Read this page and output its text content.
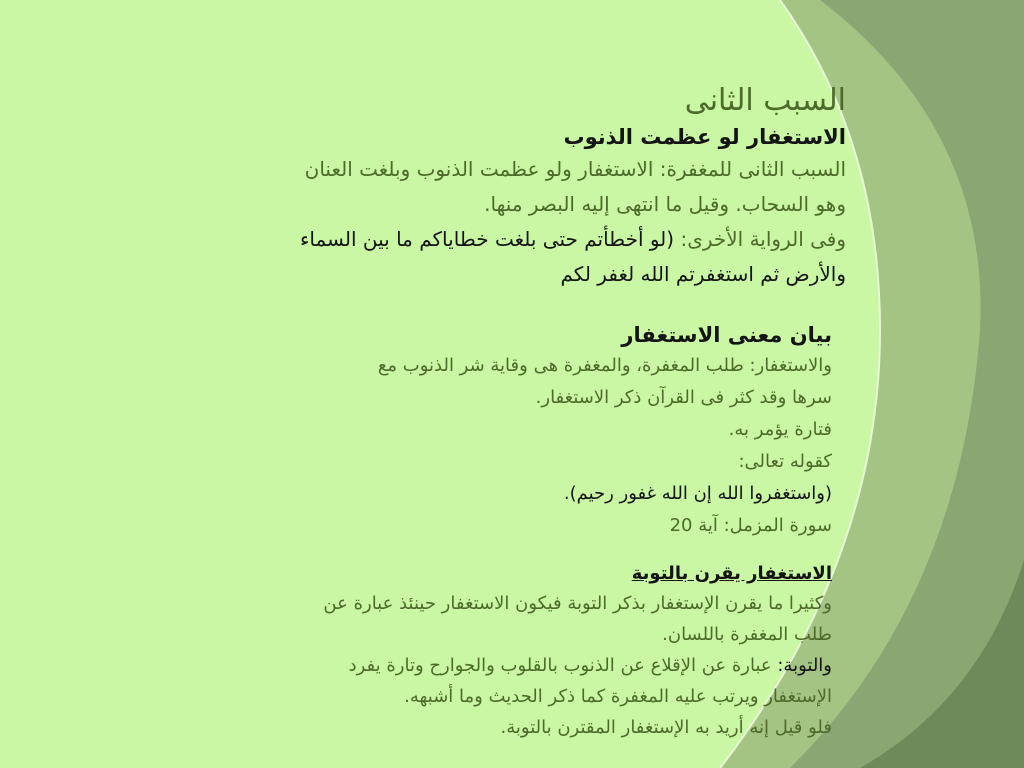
السبب الثانى
الاستغفار لو عظمت الذنوب
السبب الثانى للمغفرة: الاستغفار ولو عظمت الذنوب وبلغت العنان
وهو السحاب. وقيل ما انتهى إليه البصر منها.
وفى الرواية الأخرى: (لو أخطأتم حتى بلغت خطاياكم ما بين السماء
والأرض ثم استغفرتم الله لغفر لكم
بيان معنى الاستغفار
والاستغفار: طلب المغفرة، والمغفرة هى وقاية شر الذنوب مع
سرها وقد كثر فى القرآن ذكر الاستغفار.
فتارة يؤمر به.
كقوله تعالى:
(واستغفروا الله إن الله غفور رحيم).
سورة المزمل: آية 20
الاستغفار يقرن بالتوبة
وكثيرا ما يقرن الإستغفار بذكر التوبة فيكون الاستغفار حينئذ عبارة عن
طلب المغفرة باللسان.
والتوبة: عبارة عن الإقلاع عن الذنوب بالقلوب والجوارح وتارة يفرد
الإستغفار ويرتب عليه المغفرة كما ذكر الحديث وما أشبهه.
فلو قيل إنه أريد به الإستغفار المقترن بالتوبة.
